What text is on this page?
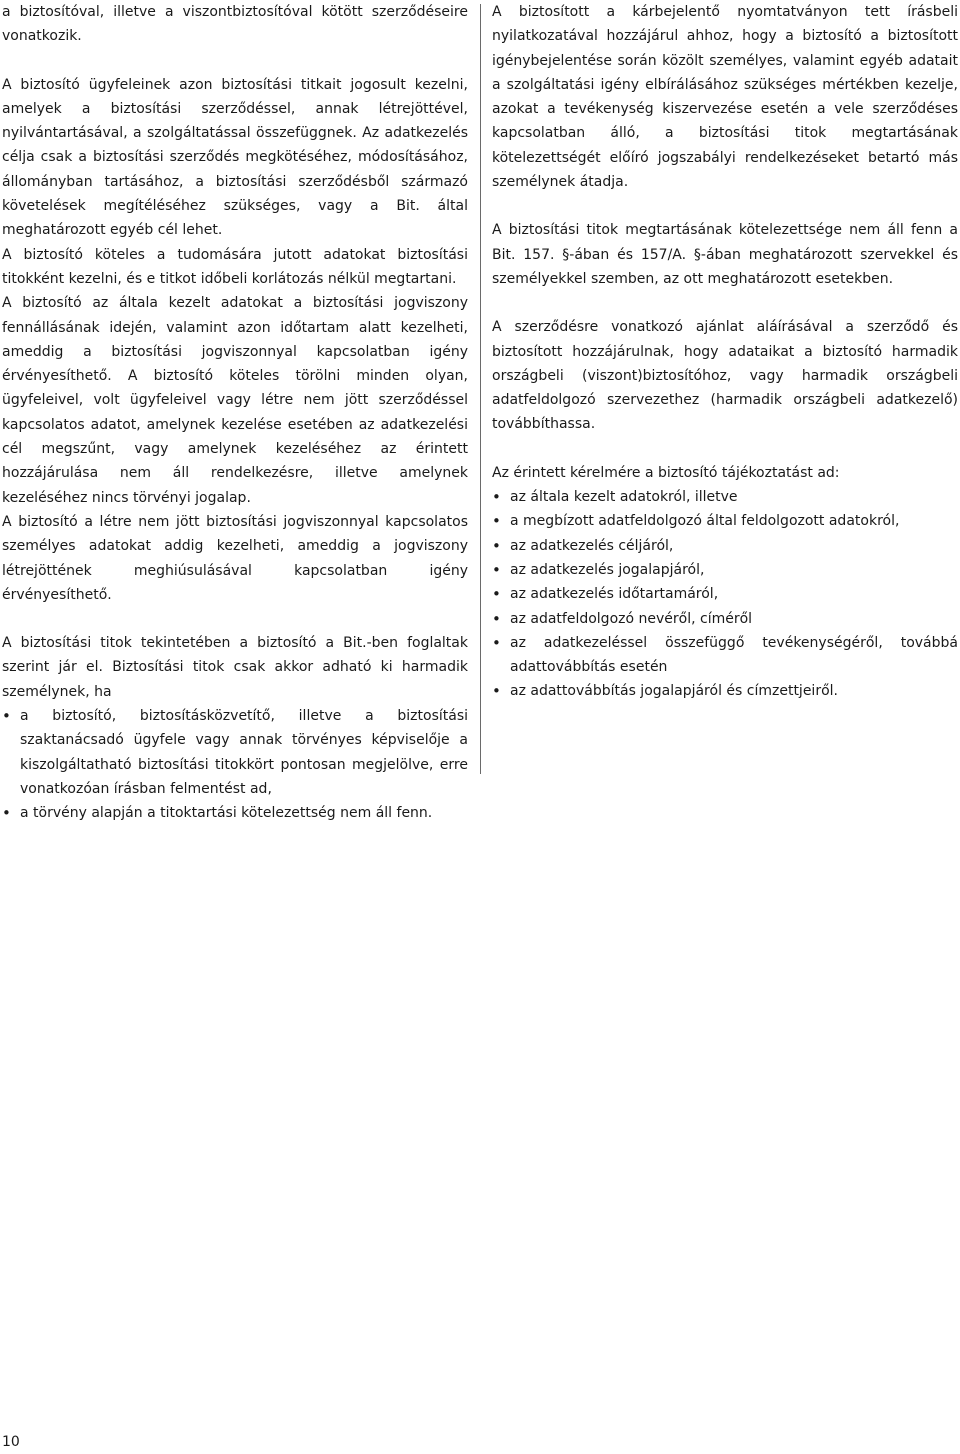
a biztosítóval, illetve a viszontbiztosítóval kötött szerződéseire vonatkozik.

A biztosító ügyfeleinek azon biztosítási titkait jogosult kezelni, amelyek a biztosítási szerződéssel, annak létrejöttével, nyilvántartásával, a szolgáltatással összefüggnek. Az adatkezelés célja csak a biztosítási szerződés megkötéséhez, módosításához, állományban tartásához, a biztosítási szerződésből származó követelések megítéléséhez szükséges, vagy a Bit. által meghatározott egyéb cél lehet.

A biztosító köteles a tudomására jutott adatokat biztosítási titokként kezelni, és e titkot időbeli korlátozás nélkül megtartani.

A biztosító az általa kezelt adatokat a biztosítási jogviszony fennállásának idején, valamint azon időtartam alatt kezelheti, ameddig a biztosítási jogviszonnyal kapcsolatban igény érvényesíthető. A biztosító köteles törölni minden olyan, ügyfeleivel, volt ügyfeleivel vagy létre nem jött szerződéssel kapcsolatos adatot, amelynek kezelése esetében az adatkezelési cél megszűnt, vagy amelynek kezeléséhez az érintett hozzájárulása nem áll rendelkezésre, illetve amelynek kezeléséhez nincs törvényi jogalap.

A biztosító a létre nem jött biztosítási jogviszonnyal kapcsolatos személyes adatokat addig kezelheti, ameddig a jogviszony létrejöttének meghiúsulásával kapcsolatban igény érvényesíthető.

A biztosítási titok tekintetében a biztosító a Bit.-ben foglaltak szerint jár el. Biztosítási titok csak akkor adható ki harmadik személynek, ha

• a biztosító, biztosításközvetítő, illetve a biztosítási szaktanácsadó ügyfele vagy annak törvényes képviselője a kiszolgáltatható biztosítási titokkört pontosan megjelölve, erre vonatkozóan írásban felmentést ad,
• a törvény alapján a titoktartási kötelezettség nem áll fenn.

A biztosított a kárbejelentő nyomtatványon tett írásbeli nyilatkozatával hozzájárul ahhoz, hogy a biztosító a biztosított igénybejelentése során közölt személyes, valamint egyéb adatait a szolgáltatási igény elbírálásához szükséges mértékben kezelje, azokat a tevékenység kiszervezése esetén a vele szerződéses kapcsolatban álló, a biztosítási titok megtartásának kötelezettségét előíró jogszabályi rendelkezéseket betartó más személynek átadja.

A biztosítási titok megtartásának kötelezettsége nem áll fenn a Bit. 157. §-ában és 157/A. §-ában meghatározott szervekkel és személyekkel szemben, az ott meghatározott esetekben.

A szerződésre vonatkozó ajánlat aláírásával a szerződő és biztosított hozzájárulnak, hogy adataikat a biztosító harmadik országbeli (viszont)biztosítóhoz, vagy harmadik országbeli adatfeldolgozó szervezethez (harmadik országbeli adatkezelő) továbbíthassa.

Az érintett kérelmére a biztosító tájékoztatást ad:

• az általa kezelt adatokról, illetve
• a megbízott adatfeldolgozó által feldolgozott adatokról,
• az adatkezelés céljáról,
• az adatkezelés jogalapjáról,
• az adatkezelés időtartamáról,
• az adatfeldolgozó nevéről, címéről
• az adatkezeléssel összefüggő tevékenységéről, továbbá adattovábbítás esetén
• az adattovábbítás jogalapjáról és címzettjeiről.
10
